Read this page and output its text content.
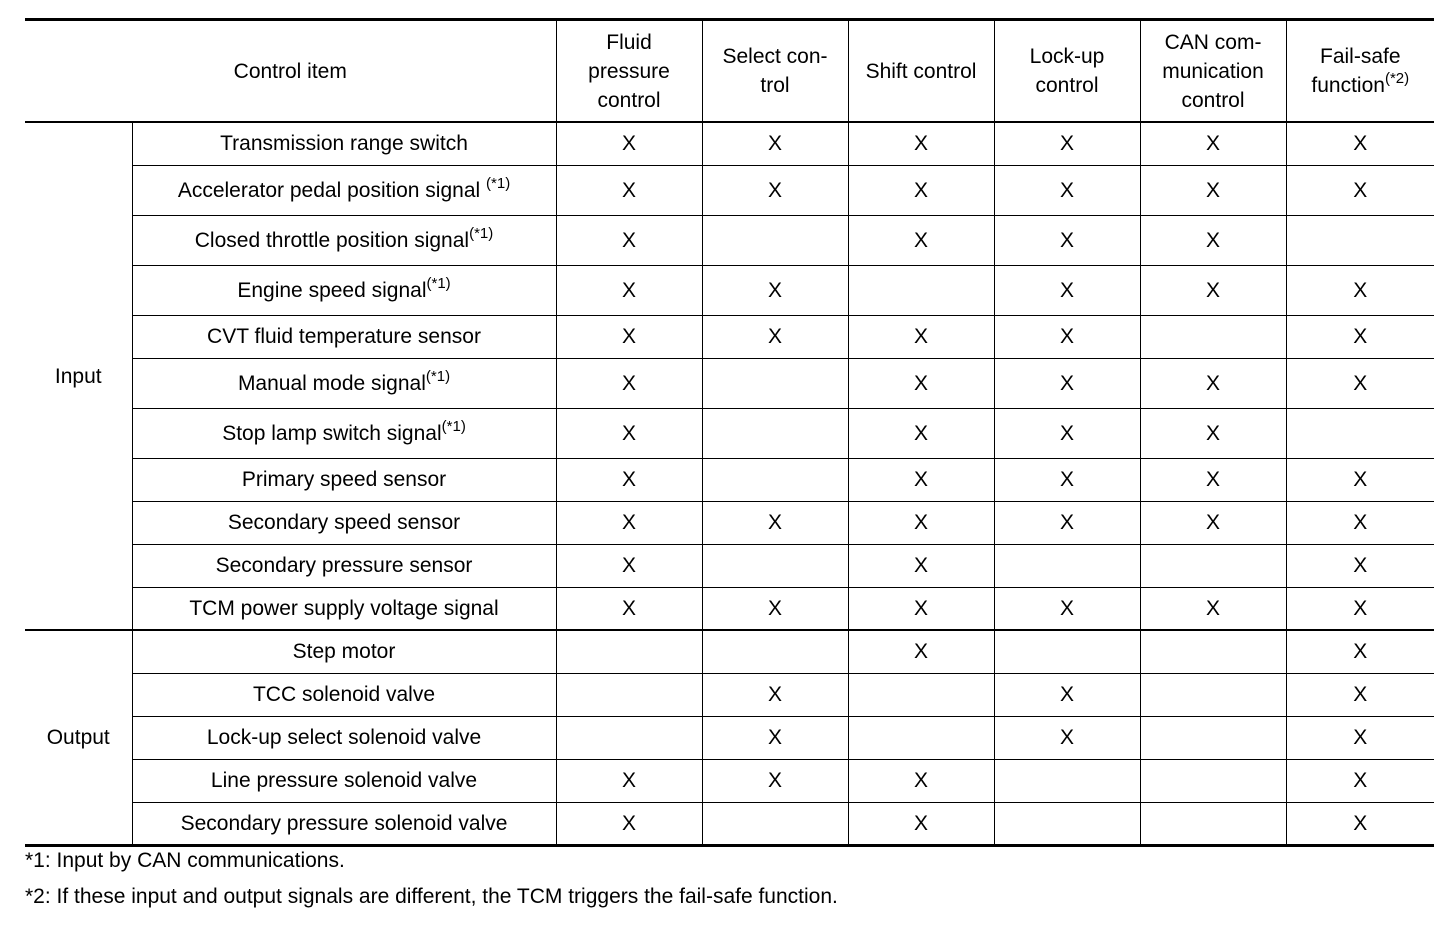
Control item		Fluid
pressure
control	Select con-
trol	Shift control	Lock-up
control	CAN com-
munication
control	Fail-safe
function$^{(*2)}$
Input	Transmission range switch	X	X	X	X	X	X
	Accelerator pedal position signal $^{(*1)}$	X	X	X	X	X	X
	Closed throttle position signal$^{(*1)}$	X		X	X	X	
	Engine speed signal$^{(*1)}$	X	X		X	X	X
	CVT fluid temperature sensor	X	X	X	X		X
	Manual mode signal$^{(*1)}$	X		X	X	X	X
	Stop lamp switch signal$^{(*1)}$	X		X	X	X	
	Primary speed sensor	X		X	X	X	X
	Secondary speed sensor	X	X	X	X	X	X
	Secondary pressure sensor	X		X			X
	TCM power supply voltage signal	X	X	X	X	X	X
Output	Step motor			X			X
	TCC solenoid valve		X		X		X
	Lock-up select solenoid valve		X		X		X
	Line pressure solenoid valve	X	X	X			X
	Secondary pressure solenoid valve	X		X			X

*1: Input by CAN communications.

*2: If these input and output signals are different, the TCM triggers the fail-safe function.
